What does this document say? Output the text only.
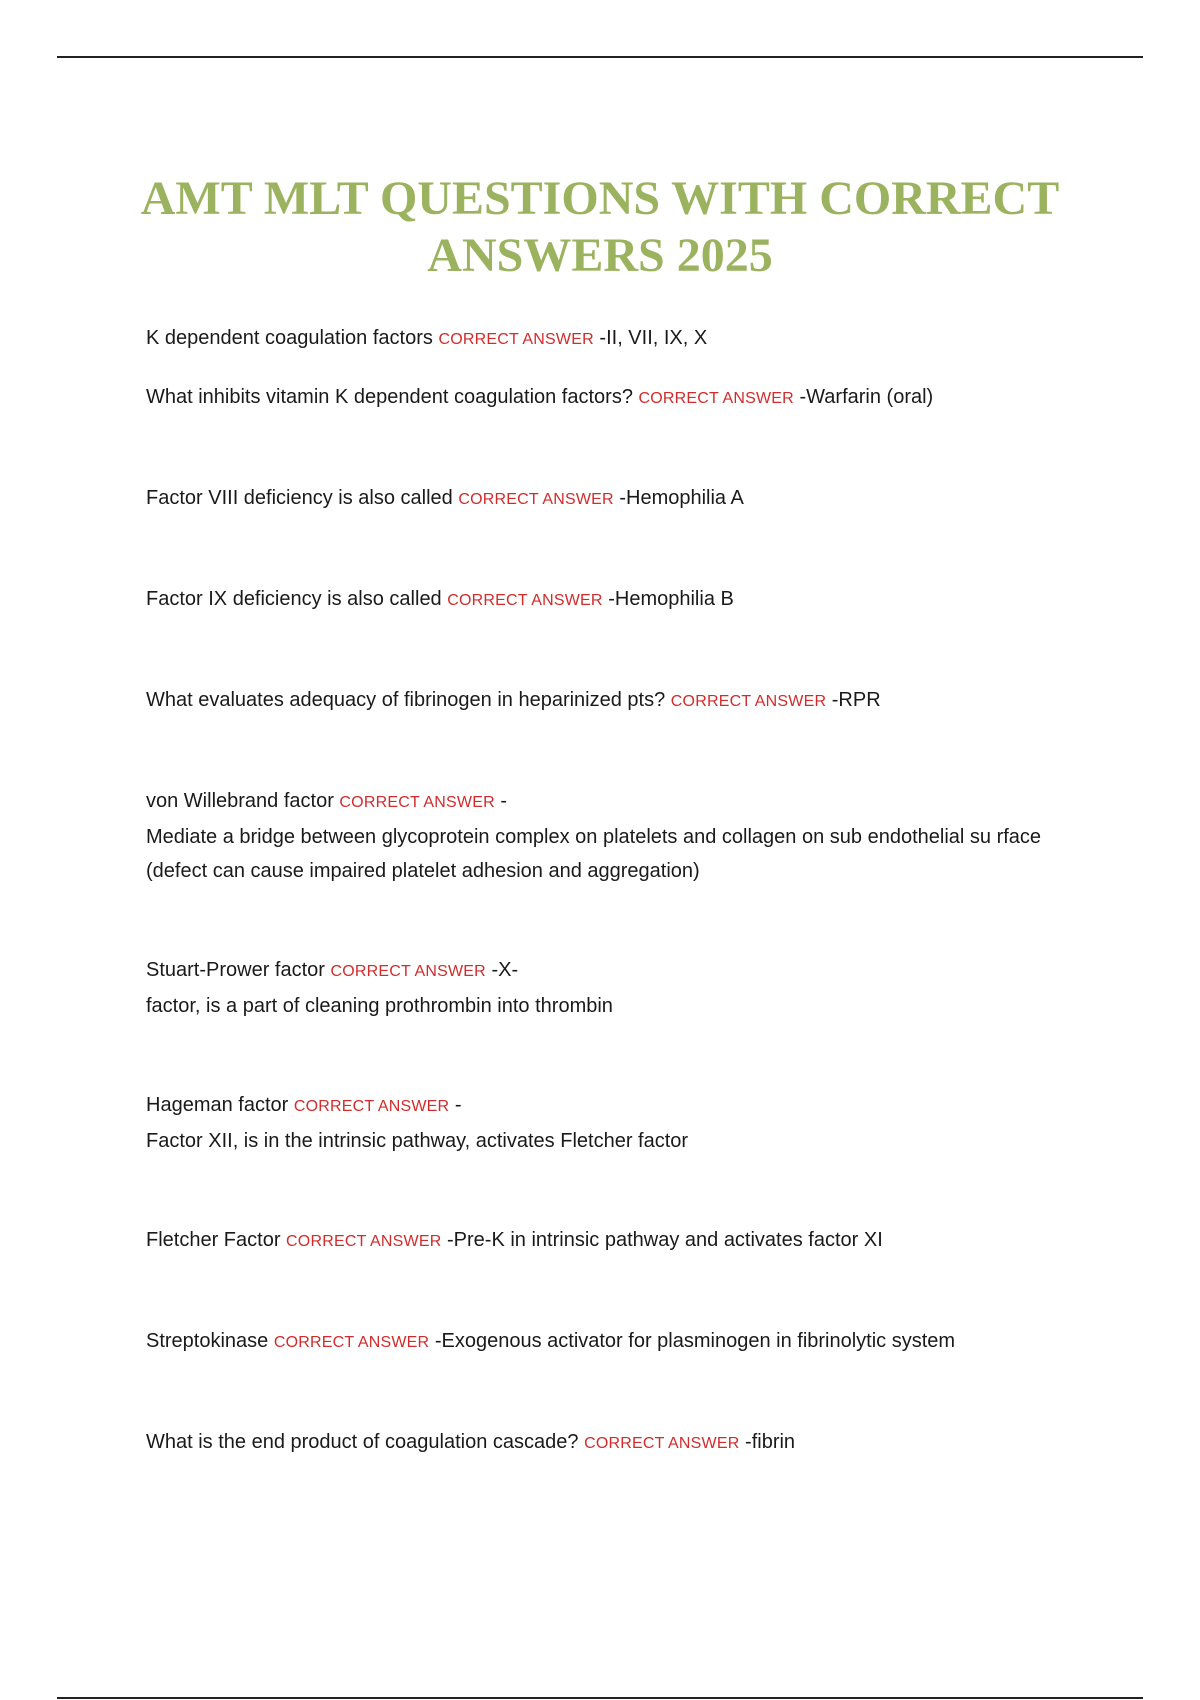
AMT MLT QUESTIONS WITH CORRECT ANSWERS 2025

K dependent coagulation factors CORRECT ANSWER -II, VII, IX, X

What inhibits vitamin K dependent coagulation factors? CORRECT ANSWER -Warfarin (oral)

Factor VIII deficiency is also called CORRECT ANSWER -Hemophilia A

Factor IX deficiency is also called CORRECT ANSWER -Hemophilia B

What evaluates adequacy of fibrinogen in heparinized pts? CORRECT ANSWER -RPR

von Willebrand factor CORRECT ANSWER -
Mediate a bridge between glycoprotein complex on platelets and collagen on sub endothelial su rface (defect can cause impaired platelet adhesion and aggregation)

Stuart-Prower factor CORRECT ANSWER -X-
factor, is a part of cleaning prothrombin into thrombin

Hageman factor CORRECT ANSWER -
Factor XII, is in the intrinsic pathway, activates Fletcher factor

Fletcher Factor CORRECT ANSWER -Pre-K in intrinsic pathway and activates factor XI

Streptokinase CORRECT ANSWER -Exogenous activator for plasminogen in fibrinolytic system

What is the end product of coagulation cascade? CORRECT ANSWER -fibrin
